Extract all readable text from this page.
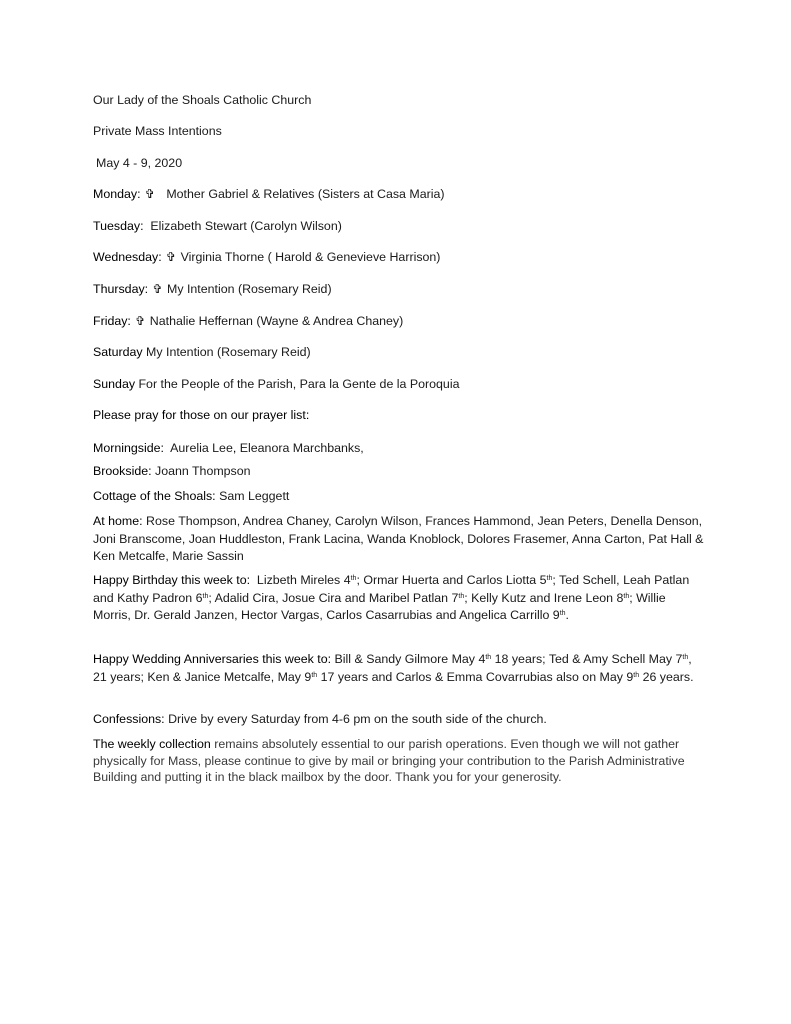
Our Lady of the Shoals Catholic Church
Private Mass Intentions
May 4 - 9, 2020
Monday: ✞ Mother Gabriel & Relatives (Sisters at Casa Maria)
Tuesday: Elizabeth Stewart (Carolyn Wilson)
Wednesday: ✞ Virginia Thorne ( Harold & Genevieve Harrison)
Thursday: ✞ My Intention (Rosemary Reid)
Friday: ✞ Nathalie Heffernan (Wayne & Andrea Chaney)
Saturday My Intention (Rosemary Reid)
Sunday For the People of the Parish, Para la Gente de la Poroquia
Please pray for those on our prayer list:
Morningside: Aurelia Lee, Eleanora Marchbanks,
Brookside: Joann Thompson
Cottage of the Shoals: Sam Leggett
At home: Rose Thompson, Andrea Chaney, Carolyn Wilson, Frances Hammond, Jean Peters, Denella Denson, Joni Branscome, Joan Huddleston, Frank Lacina, Wanda Knoblock, Dolores Frasemer, Anna Carton, Pat Hall & Ken Metcalfe, Marie Sassin
Happy Birthday this week to: Lizbeth Mireles 4th; Ormar Huerta and Carlos Liotta 5th; Ted Schell, Leah Patlan and Kathy Padron 6th; Adalid Cira, Josue Cira and Maribel Patlan 7th; Kelly Kutz and Irene Leon 8th; Willie Morris, Dr. Gerald Janzen, Hector Vargas, Carlos Casarrubias and Angelica Carrillo 9th.
Happy Wedding Anniversaries this week to: Bill & Sandy Gilmore May 4th 18 years; Ted & Amy Schell May 7th, 21 years; Ken & Janice Metcalfe, May 9th 17 years and Carlos & Emma Covarrubias also on May 9th 26 years.
Confessions: Drive by every Saturday from 4-6 pm on the south side of the church.
The weekly collection remains absolutely essential to our parish operations. Even though we will not gather physically for Mass, please continue to give by mail or bringing your contribution to the Parish Administrative Building and putting it in the black mailbox by the door. Thank you for your generosity.
